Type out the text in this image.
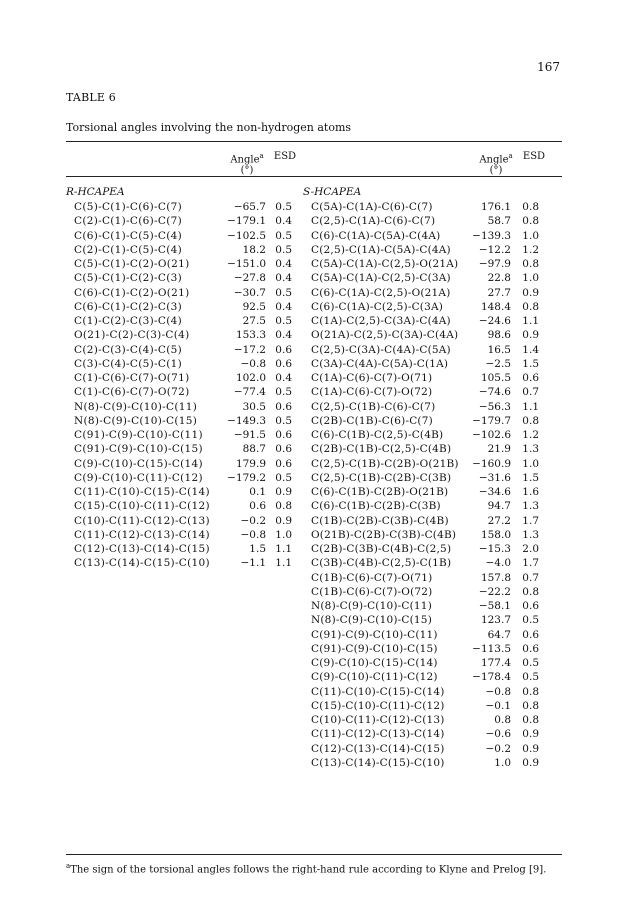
167
TABLE 6
Torsional angles involving the non-hydrogen atoms
Angle$^a$
(°)
ESD	Angle$^a$
(°)
ESD
R-HCAPEA	S-HCAPEA
C(5)-C(1)-C(6)-C(7)	−65.7 0.5
C(2)-C(1)-C(6)-C(7)	−179.1 0.4
C(6)-C(1)-C(5)-C(4)	−102.5 0.5
C(2)-C(1)-C(5)-C(4)	18.2 0.5
C(5)-C(1)-C(2)-O(21)	−151.0 0.4
C(5)-C(1)-C(2)-C(3)	−27.8 0.4
C(6)-C(1)-C(2)-O(21)	−30.7 0.5
C(6)-C(1)-C(2)-C(3)	92.5 0.4
C(1)-C(2)-C(3)-C(4)	27.5 0.5
O(21)-C(2)-C(3)-C(4)	153.3 0.4
C(2)-C(3)-C(4)-C(5)	−17.2 0.6
C(3)-C(4)-C(5)-C(1)	−0.8 0.6
C(1)-C(6)-C(7)-O(71)	102.0 0.4
C(1)-C(6)-C(7)-O(72)	−77.4 0.5
N(8)-C(9)-C(10)-C(11)	30.5 0.6
N(8)-C(9)-C(10)-C(15)	−149.3 0.5
C(91)-C(9)-C(10)-C(11)	−91.5 0.6
C(91)-C(9)-C(10)-C(15)	88.7 0.6
C(9)-C(10)-C(15)-C(14)	179.9 0.6
C(9)-C(10)-C(11)-C(12)	−179.2 0.5
C(11)-C(10)-C(15)-C(14)	0.1 0.9
C(15)-C(10)-C(11)-C(12)	0.6 0.8
C(10)-C(11)-C(12)-C(13)	−0.2 0.9
C(11)-C(12)-C(13)-C(14)	−0.8 1.0
C(12)-C(13)-C(14)-C(15)	1.5 1.1
C(13)-C(14)-C(15)-C(10)	−1.1 1.1
C(5A)-C(1A)-C(6)-C(7)	176.1	0.8
C(2,5)-C(1A)-C(6)-C(7)	58.7	0.8
C(6)-C(1A)-C(5A)-C(4A)	−139.3	1.0
C(2,5)-C(1A)-C(5A)-C(4A)	−12.2	1.2
C(5A)-C(1A)-C(2,5)-O(21A)	−97.9	0.8
C(5A)-C(1A)-C(2,5)-C(3A)	22.8	1.0
C(6)-C(1A)-C(2,5)-O(21A)	27.7	0.9
C(6)-C(1A)-C(2,5)-C(3A)	148.4	0.8
C(1A)-C(2,5)-C(3A)-C(4A)	−24.6	1.1
O(21A)-C(2,5)-C(3A)-C(4A)	98.6	0.9
C(2,5)-C(3A)-C(4A)-C(5A)	16.5	1.4
C(3A)-C(4A)-C(5A)-C(1A)	−2.5	1.5
C(1A)-C(6)-C(7)-O(71)	105.5	0.6
C(1A)-C(6)-C(7)-O(72)	−74.6	0.7
C(2,5)-C(1B)-C(6)-C(7)	−56.3	1.1
C(2B)-C(1B)-C(6)-C(7)	−179.7	0.8
C(6)-C(1B)-C(2,5)-C(4B)	−102.6	1.2
C(2B)-C(1B)-C(2,5)-C(4B)	21.9	1.3
C(2,5)-C(1B)-C(2B)-O(21B)	−160.9	1.0
C(2,5)-C(1B)-C(2B)-C(3B)	−31.6	1.5
C(6)-C(1B)-C(2B)-O(21B)	−34.6	1.6
C(6)-C(1B)-C(2B)-C(3B)	94.7	1.3
C(1B)-C(2B)-C(3B)-C(4B)	27.2	1.7
O(21B)-C(2B)-C(3B)-C(4B)	158.0	1.3
C(2B)-C(3B)-C(4B)-C(2,5)	−15.3	2.0
C(3B)-C(4B)-C(2,5)-C(1B)	−4.0	1.7
C(1B)-C(6)-C(7)-O(71)	157.8	0.7
C(1B)-C(6)-C(7)-O(72)	−22.2	0.8
N(8)-C(9)-C(10)-C(11)	−58.1	0.6
N(8)-C(9)-C(10)-C(15)	123.7	0.5
C(91)-C(9)-C(10)-C(11)	64.7	0.6
C(91)-C(9)-C(10)-C(15)	−113.5	0.6
C(9)-C(10)-C(15)-C(14)	177.4	0.5
C(9)-C(10)-C(11)-C(12)	−178.4	0.5
C(11)-C(10)-C(15)-C(14)	−0.8	0.8
C(15)-C(10)-C(11)-C(12)	−0.1	0.8
C(10)-C(11)-C(12)-C(13)	0.8	0.8
C(11)-C(12)-C(13)-C(14)	−0.6	0.9
C(12)-C(13)-C(14)-C(15)	−0.2	0.9
C(13)-C(14)-C(15)-C(10)	1.0	0.9
$^a$The sign of the torsional angles follows the right-hand rule according to Klyne and Prelog [9].
